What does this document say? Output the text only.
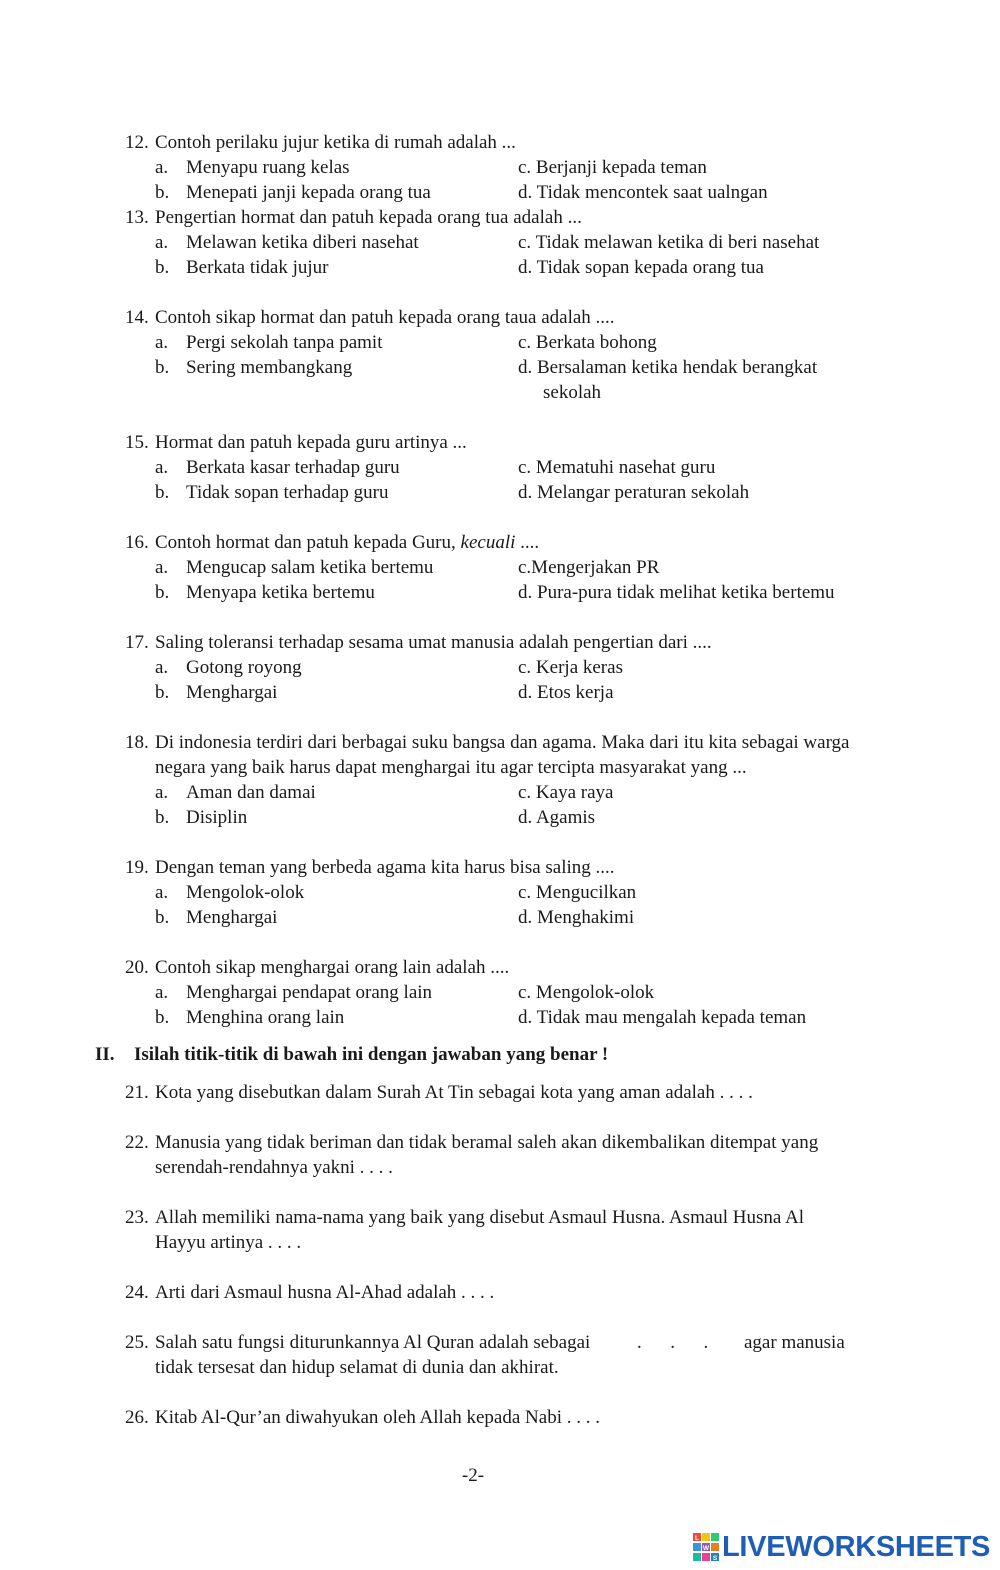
12. Contoh perilaku jujur ketika di rumah adalah ...
a. Menyapu ruang kelas	c. Berjanji kepada teman
b. Menepati janji kepada orang tua	d. Tidak mencontek saat ualngan
13. Pengertian hormat dan patuh kepada orang tua adalah ...
a. Melawan ketika diberi nasehat	c. Tidak melawan ketika di beri nasehat
b. Berkata tidak jujur	d. Tidak sopan kepada orang tua
14. Contoh sikap hormat dan patuh kepada orang taua adalah ....
a. Pergi sekolah tanpa pamit	c. Berkata bohong
b. Sering membangkang	d. Bersalaman ketika hendak berangkat
sekolah
15. Hormat dan patuh kepada guru artinya ...
a. Berkata kasar terhadap guru	c. Mematuhi nasehat guru
b. Tidak sopan terhadap guru	d. Melangar peraturan sekolah
16. Contoh hormat dan patuh kepada Guru, kecuali ....
a. Mengucap salam ketika bertemu	c.Mengerjakan PR
b. Menyapa ketika bertemu	d. Pura-pura tidak melihat ketika bertemu
17. Saling toleransi terhadap sesama umat manusia adalah pengertian dari ....
a. Gotong royong	c. Kerja keras
b. Menghargai	d. Etos kerja
18. Di indonesia terdiri dari berbagai suku bangsa dan agama. Maka dari itu kita sebagai warga
negara yang baik harus dapat menghargai itu agar tercipta masyarakat yang ...
a. Aman dan damai	c. Kaya raya
b. Disiplin	d. Agamis
19. Dengan teman yang berbeda agama kita harus bisa saling ....
a. Mengolok-olok	c. Mengucilkan
b. Menghargai	d. Menghakimi
20. Contoh sikap menghargai orang lain adalah ....
a. Menghargai pendapat orang lain	c. Mengolok-olok
b. Menghina orang lain	d. Tidak mau mengalah kepada teman
II. Isilah titik-titik di bawah ini dengan jawaban yang benar !
21. Kota yang disebutkan dalam Surah At Tin sebagai kota yang aman adalah . . . .
22. Manusia yang tidak beriman dan tidak beramal saleh akan dikembalikan ditempat yang
serendah-rendahnya yakni . . . .
23. Allah memiliki nama-nama yang baik yang disebut Asmaul Husna. Asmaul Husna Al
Hayyu artinya . . . .
24. Arti dari Asmaul husna Al-Ahad adalah . . . .
25. Salah satu fungsi diturunkannya Al Quran adalah sebagai .      .      . agar manusia
tidak tersesat dan hidup selamat di dunia dan akhirat.
26. Kitab Al-Qur’an diwahyukan oleh Allah kepada Nabi . . . .
-2-
L
W
S LIVEWORKSHEETS
